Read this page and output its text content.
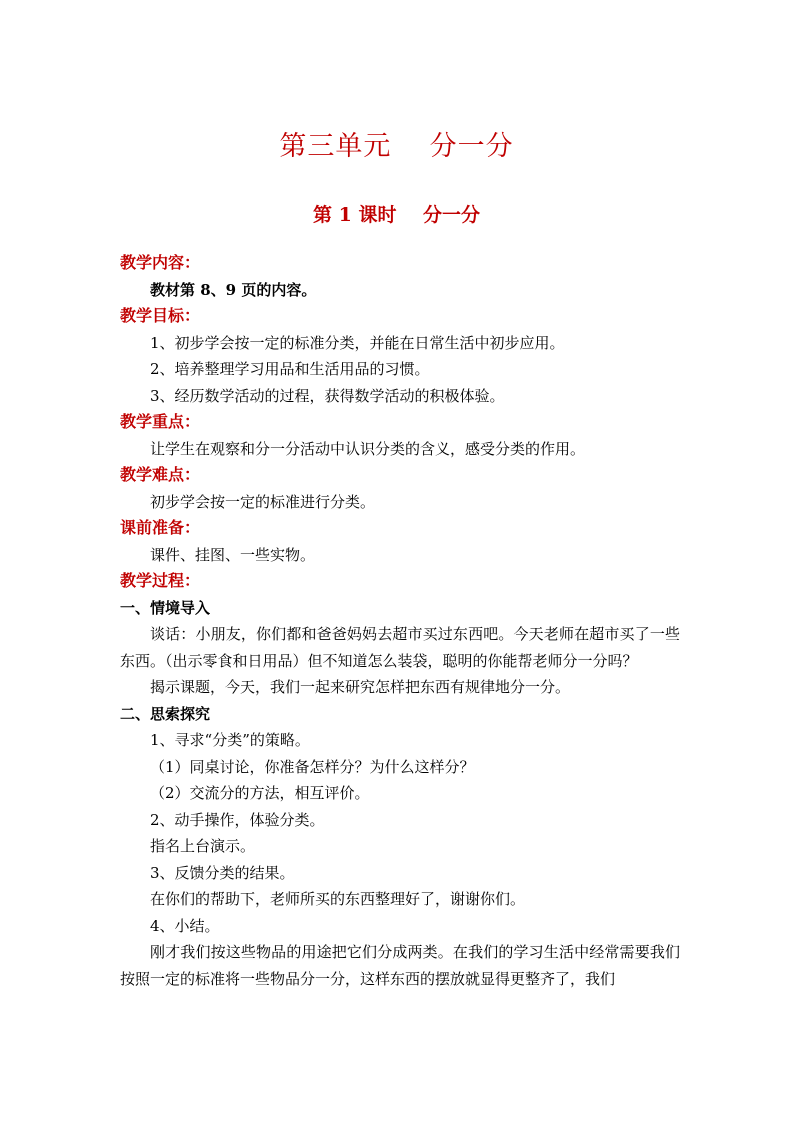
第三单元    分一分
第 1 课时    分一分
教学内容：
教材第 8、9 页的内容。
教学目标：
1、初步学会按一定的标准分类，并能在日常生活中初步应用。
2、培养整理学习用品和生活用品的习惯。
3、经历数学活动的过程，获得数学活动的积极体验。
教学重点：
让学生在观察和分一分活动中认识分类的含义，感受分类的作用。
教学难点：
初步学会按一定的标准进行分类。
课前准备：
课件、挂图、一些实物。
教学过程：
一、情境导入
谈话：小朋友，你们都和爸爸妈妈去超市买过东西吧。今天老师在超市买了一些东西。（出示零食和日用品）但不知道怎么装袋，聪明的你能帮老师分一分吗？
揭示课题，今天，我们一起来研究怎样把东西有规律地分一分。
二、思索探究
1、寻求“分类”的策略。
（1）同桌讨论，你准备怎样分？为什么这样分？
（2）交流分的方法，相互评价。
2、动手操作，体验分类。
指名上台演示。
3、反馈分类的结果。
在你们的帮助下，老师所买的东西整理好了，谢谢你们。
4、小结。
刚才我们按这些物品的用途把它们分成两类。在我们的学习生活中经常需要我们按照一定的标准将一些物品分一分，这样东西的摆放就显得更整齐了，我们
